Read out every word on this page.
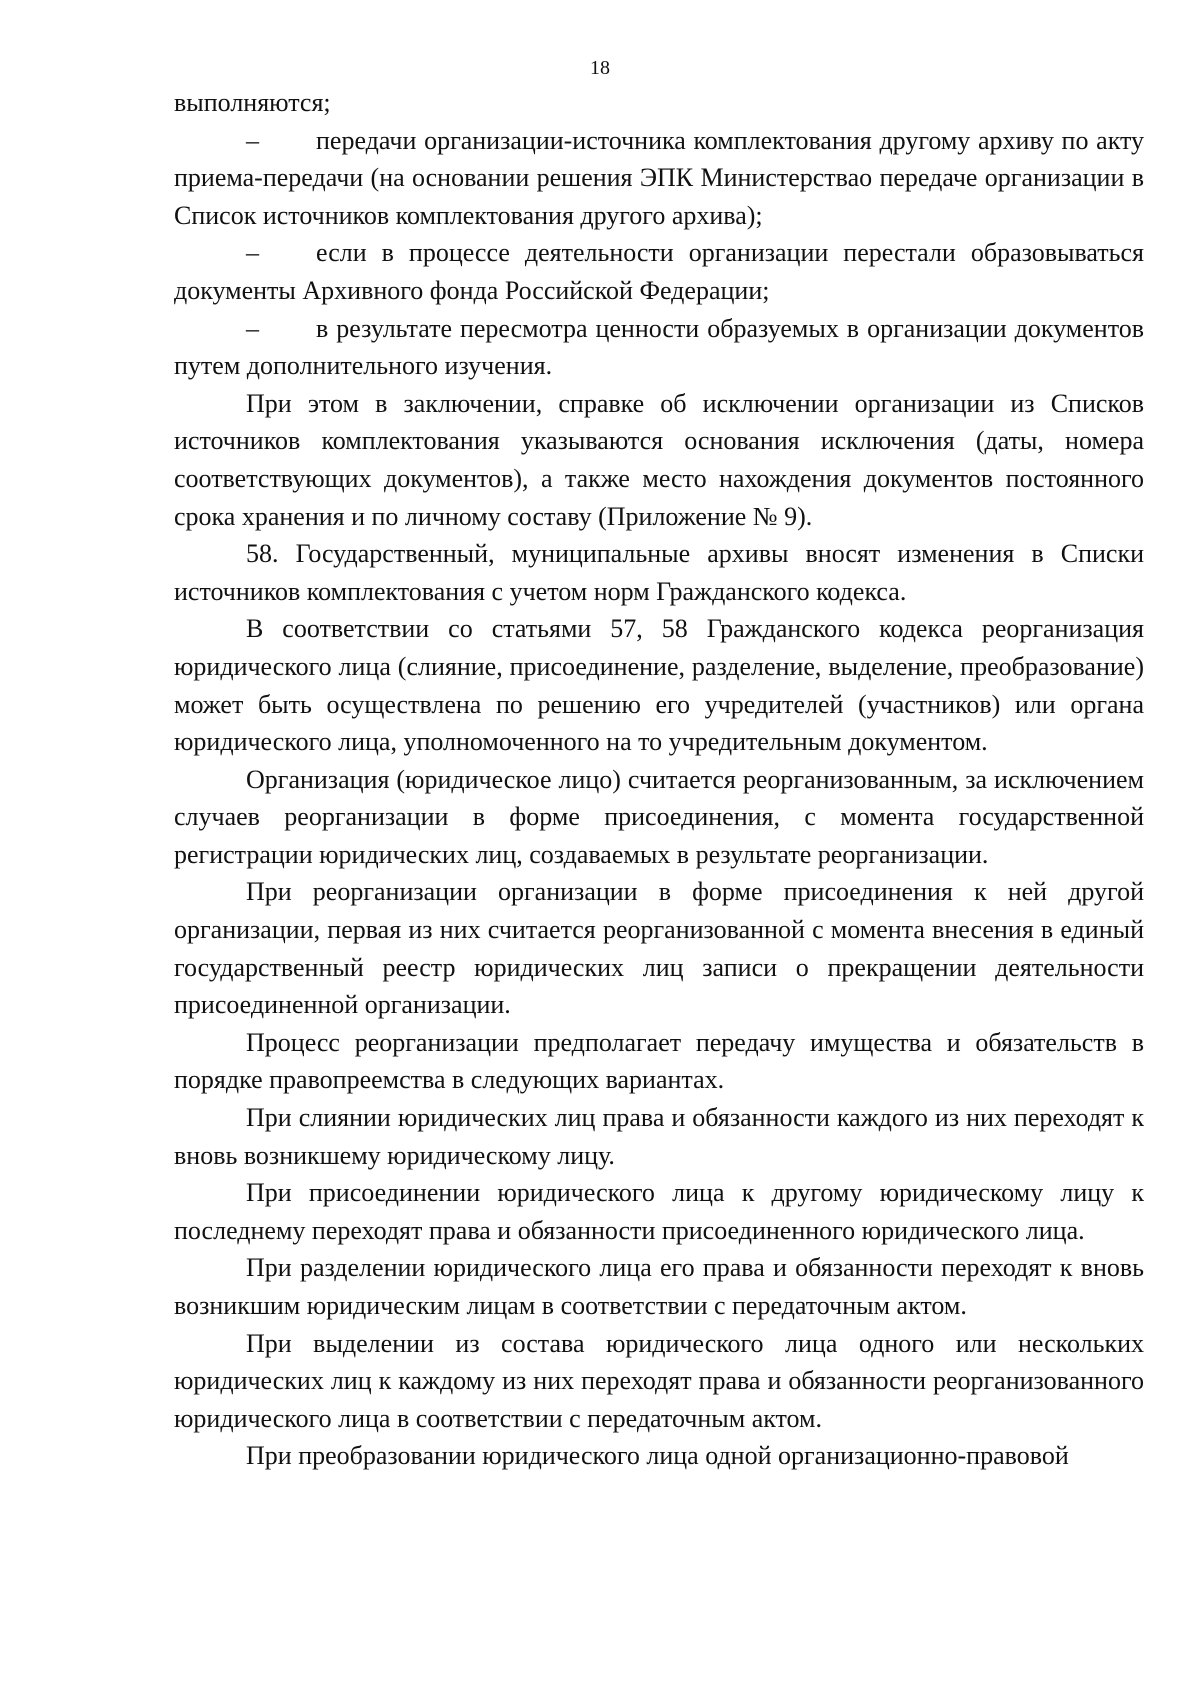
18

выполняются;

– передачи организации-источника комплектования другому архиву по акту приема-передачи (на основании решения ЭПК Министерствао передаче организации в Список источников комплектования другого архива);

– если в процессе деятельности организации перестали образовываться документы Архивного фонда Российской Федерации;

– в результате пересмотра ценности образуемых в организации документов путем дополнительного изучения.

При этом в заключении, справке об исключении организации из Списков источников комплектования указываются основания исключения (даты, номера соответствующих документов), а также место нахождения документов постоянного срока хранения и по личному составу (Приложение № 9).

58. Государственный, муниципальные архивы вносят изменения в Списки источников комплектования с учетом норм Гражданского кодекса.

В соответствии со статьями 57, 58 Гражданского кодекса реорганизация юридического лица (слияние, присоединение, разделение, выделение, преобразование) может быть осуществлена по решению его учредителей (участников) или органа юридического лица, уполномоченного на то учредительным документом.

Организация (юридическое лицо) считается реорганизованным, за исключением случаев реорганизации в форме присоединения, с момента государственной регистрации юридических лиц, создаваемых в результате реорганизации.

При реорганизации организации в форме присоединения к ней другой организации, первая из них считается реорганизованной с момента внесения в единый государственный реестр юридических лиц записи о прекращении деятельности присоединенной организации.

Процесс реорганизации предполагает передачу имущества и обязательств в порядке правопреемства в следующих вариантах.

При слиянии юридических лиц права и обязанности каждого из них переходят к вновь возникшему юридическому лицу.

При присоединении юридического лица к другому юридическому лицу к последнему переходят права и обязанности присоединенного юридического лица.

При разделении юридического лица его права и обязанности переходят к вновь возникшим юридическим лицам в соответствии с передаточным актом.

При выделении из состава юридического лица одного или нескольких юридических лиц к каждому из них переходят права и обязанности реорганизованного юридического лица в соответствии с передаточным актом.

При преобразовании юридического лица одной организационно-правовой
